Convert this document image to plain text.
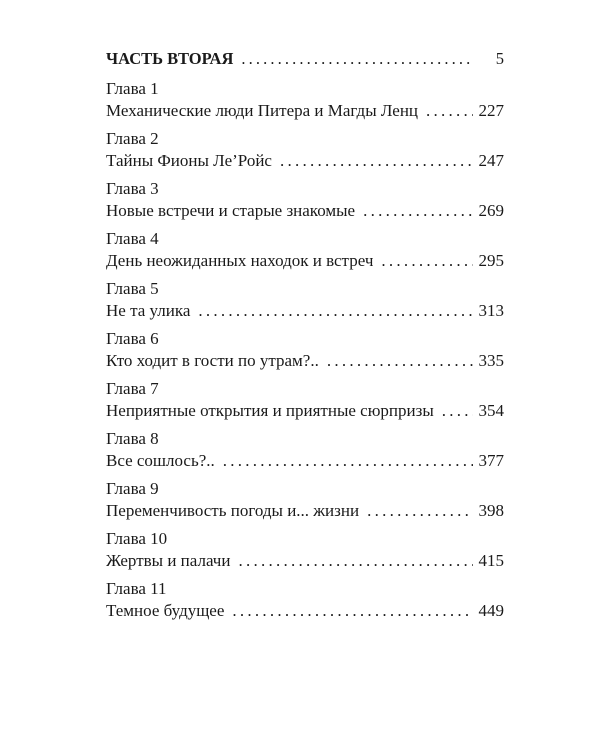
ЧАСТЬ ВТОРАЯ . . .	5
Глава 1
Механические люди Питера и Магды Ленц . . .	227
Глава 2
Тайны Фионы Ле’Ройс . . .	247
Глава 3
Новые встречи и старые знакомые . . .	269
Глава 4
День неожиданных находок и встреч . . .	295
Глава 5
Не та улика . . .	313
Глава 6
Кто ходит в гости по утрам?.. . . .	335
Глава 7
Неприятные открытия и приятные сюрпризы . . .	354
Глава 8
Все сошлось?.. . . .	377
Глава 9
Переменчивость погоды и... жизни . . .	398
Глава 10
Жертвы и палачи . . .	415
Глава 11
Темное будущее . . .	449
